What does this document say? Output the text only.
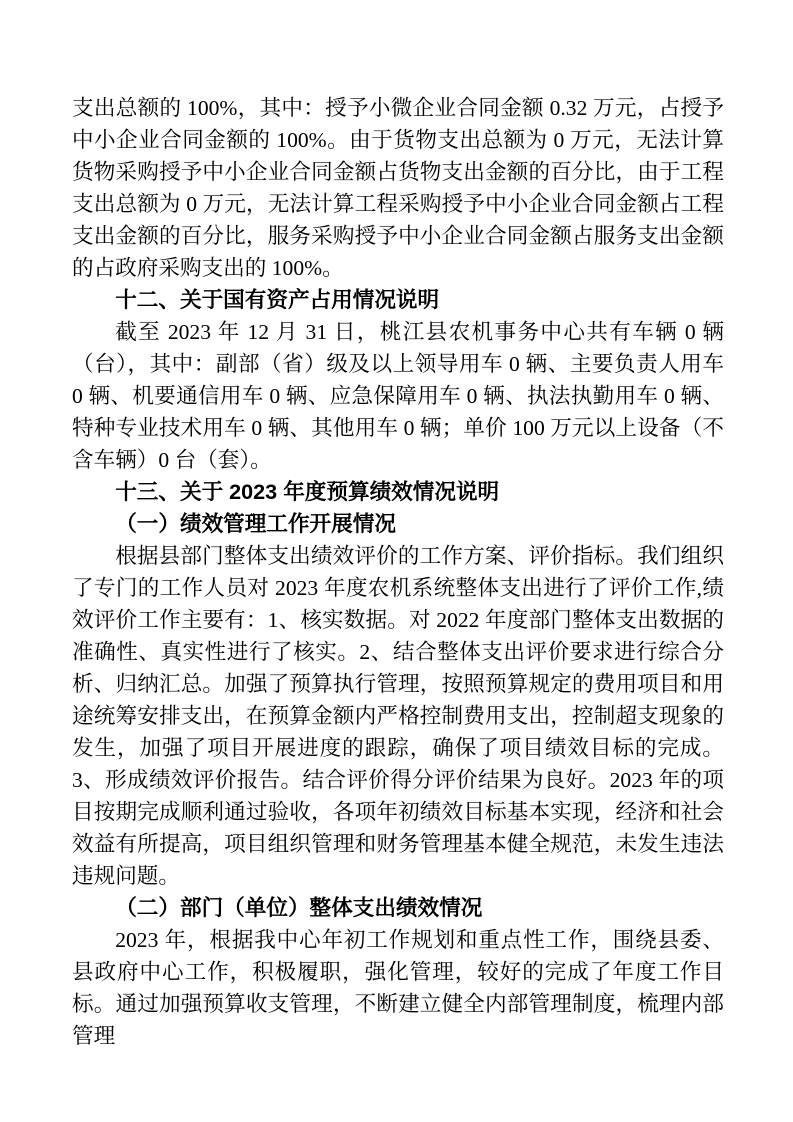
支出总额的 100%，其中：授予小微企业合同金额 0.32 万元，占授予中小企业合同金额的 100%。由于货物支出总额为 0 万元，无法计算货物采购授予中小企业合同金额占货物支出金额的百分比，由于工程支出总额为 0 万元，无法计算工程采购授予中小企业合同金额占工程支出金额的百分比，服务采购授予中小企业合同金额占服务支出金额的占政府采购支出的 100%。

十二、关于国有资产占用情况说明

截至 2023 年 12 月 31 日，桃江县农机事务中心共有车辆 0 辆（台），其中：副部（省）级及以上领导用车 0 辆、主要负责人用车 0 辆、机要通信用车 0 辆、应急保障用车 0 辆、执法执勤用车 0 辆、特种专业技术用车 0 辆、其他用车 0 辆；单价 100 万元以上设备（不含车辆）0 台（套）。

十三、关于 2023 年度预算绩效情况说明

（一）绩效管理工作开展情况

根据县部门整体支出绩效评价的工作方案、评价指标。我们组织了专门的工作人员对 2023 年度农机系统整体支出进行了评价工作,绩效评价工作主要有：1、核实数据。对 2022 年度部门整体支出数据的准确性、真实性进行了核实。2、结合整体支出评价要求进行综合分析、归纳汇总。加强了预算执行管理，按照预算规定的费用项目和用途统筹安排支出，在预算金额内严格控制费用支出，控制超支现象的发生，加强了项目开展进度的跟踪，确保了项目绩效目标的完成。3、形成绩效评价报告。结合评价得分评价结果为良好。2023 年的项目按期完成顺利通过验收，各项年初绩效目标基本实现，经济和社会效益有所提高，项目组织管理和财务管理基本健全规范，未发生违法违规问题。

（二）部门（单位）整体支出绩效情况

2023 年，根据我中心年初工作规划和重点性工作，围绕县委、县政府中心工作，积极履职，强化管理，较好的完成了年度工作目标。通过加强预算收支管理，不断建立健全内部管理制度，梳理内部管理
